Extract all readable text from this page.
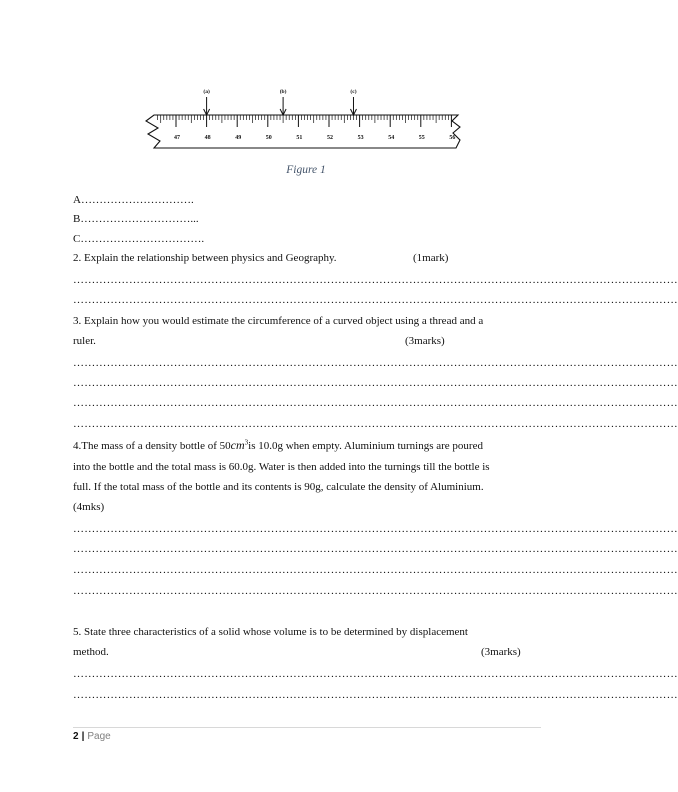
47	48	49	50	51	52	53	54	55	56
(a)	(b)	(c)
Figure 1
A………………………….
B…………………………...
C…………………………….
2. Explain the relationship between physics and Geography.	(1mark)
………………………………………………………………………………………………………………………………………………
………………………………………………………………………………………………………………………………………………
3. Explain how you would estimate the circumference of a curved object using a thread and a
ruler.	(3marks)
………………………………………………………………………………………………………………………………………………
………………………………………………………………………………………………………………………………………………
………………………………………………………………………………………………………………………………………………
………………………………………………………………………………………………………………………………………………
4.The mass of a density bottle of $50cm^3is$ 10.0g when empty. Aluminium turnings are poured
into the bottle and the total mass is 60.0g. Water is then added into the turnings till the bottle is
full. If the total mass of the bottle and its contents is 90g, calculate the density of Aluminium.
(4mks)
………………………………………………………………………………………………………………………………………………
………………………………………………………………………………………………………………………………………………
………………………………………………………………………………………………………………………………………………
………………………………………………………………………………………………………………………………………………
5. State three characteristics of a solid whose volume is to be determined by displacement
method.	(3marks)
………………………………………………………………………………………………………………………………………………
………………………………………………………………………………………………………………………………………………
2 | Page
